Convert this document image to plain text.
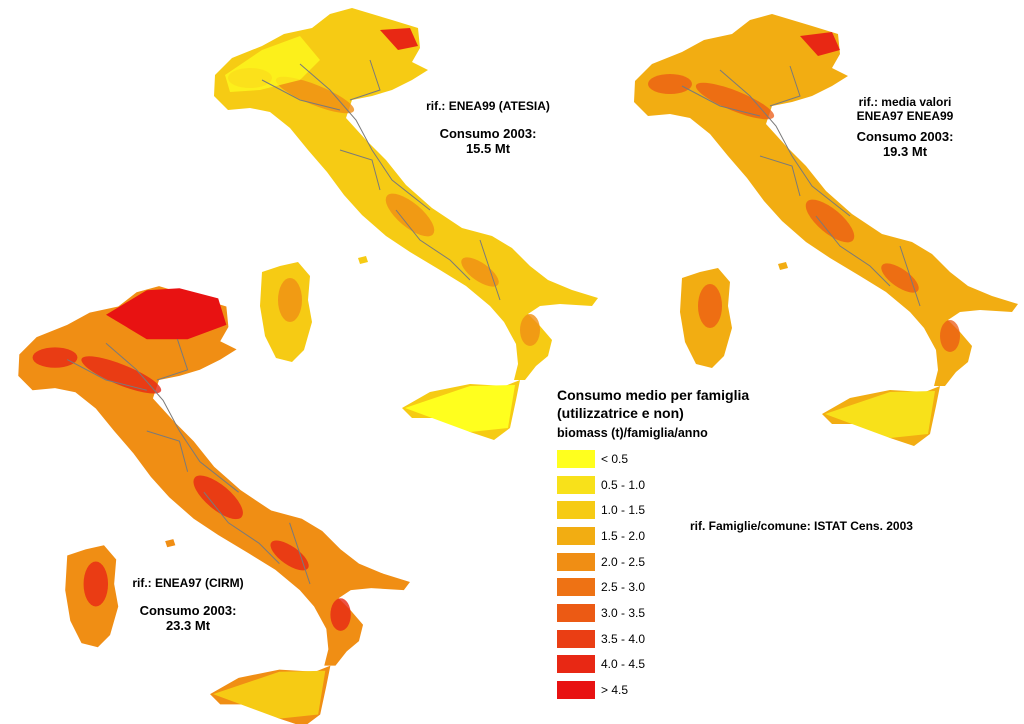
rif.: ENEA99 (ATESIA)
Consumo 2003:
15.5 Mt
rif.: media valori
ENEA97 ENEA99
Consumo 2003:
19.3 Mt
rif.: ENEA97 (CIRM)
Consumo 2003:
23.3 Mt
Consumo medio per famiglia
(utilizzatrice e non)
biomass (t)/famiglia/anno
< 0.5
0.5 - 1.0
1.0 - 1.5
1.5 - 2.0
2.0 - 2.5
2.5 - 3.0
3.0 - 3.5
3.5 - 4.0
4.0 - 4.5
> 4.5
rif. Famiglie/comune: ISTAT Cens. 2003
